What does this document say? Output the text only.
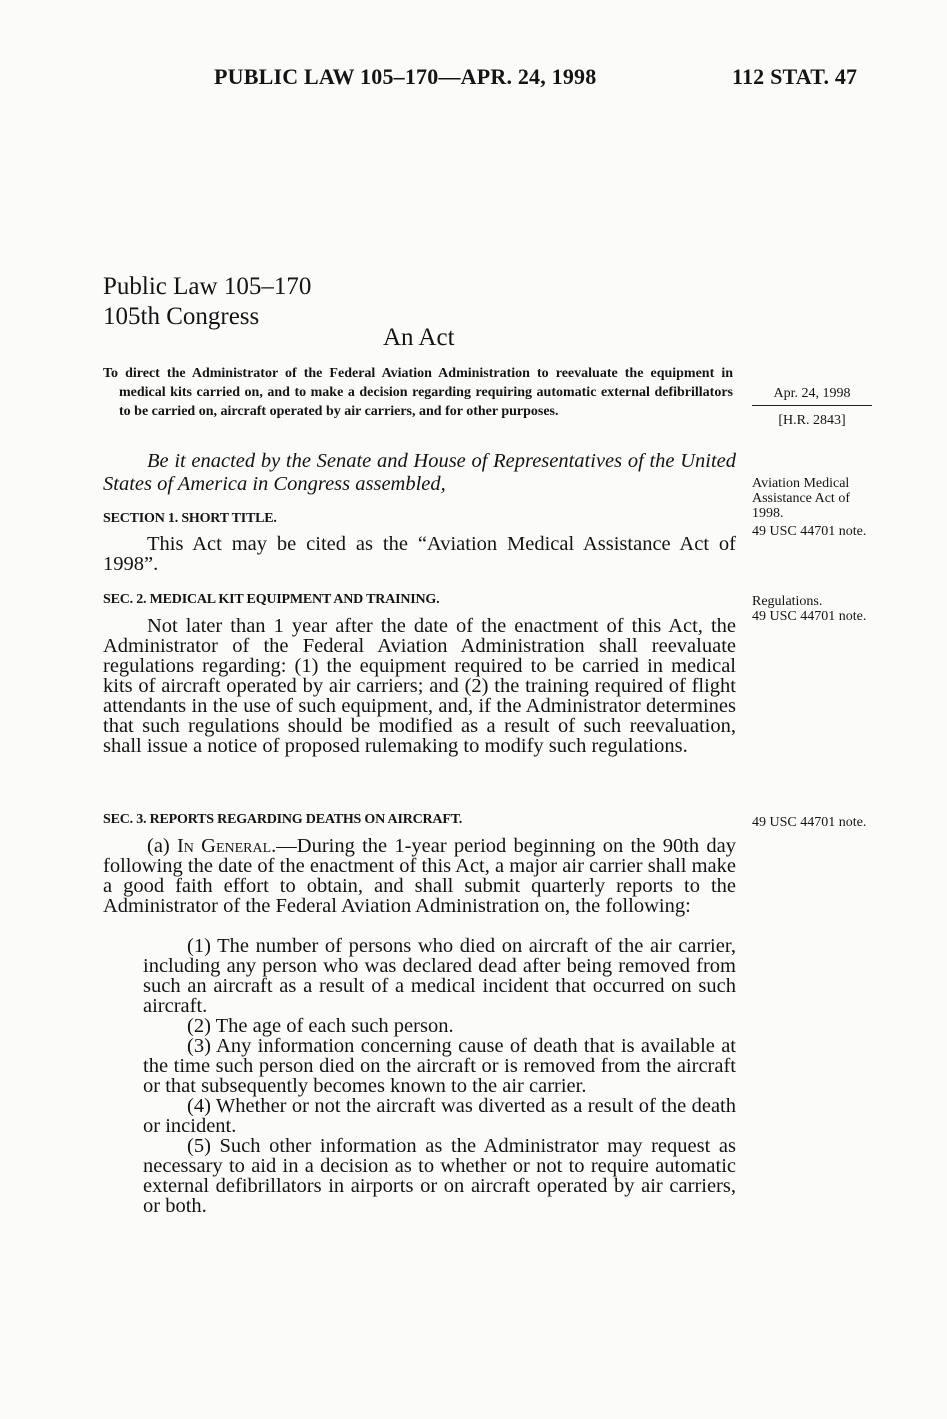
PUBLIC LAW 105–170—APR. 24, 1998	112 STAT. 47
Public Law 105–170
105th Congress
An Act

To direct the Administrator of the Federal Aviation Administration to reevaluate the equipment in medical kits carried on, and to make a decision regarding requiring automatic external defibrillators to be carried on, aircraft operated by air carriers, and for other purposes.

Apr. 24, 1998
[H.R. 2843]
Be it enacted by the Senate and House of Representatives of the United States of America in Congress assembled,	Aviation Medical Assistance Act of 1998.
49 USC 44701 note.
SECTION 1. SHORT TITLE.

This Act may be cited as the “Aviation Medical Assistance Act of 1998”.

SEC. 2. MEDICAL KIT EQUIPMENT AND TRAINING.	Regulations.
49 USC 44701 note.

Not later than 1 year after the date of the enactment of this Act, the Administrator of the Federal Aviation Administration shall reevaluate regulations regarding: (1) the equipment required to be carried in medical kits of aircraft operated by air carriers; and (2) the training required of flight attendants in the use of such equipment, and, if the Administrator determines that such regulations should be modified as a result of such reevaluation, shall issue a notice of proposed rulemaking to modify such regulations.

SEC. 3. REPORTS REGARDING DEATHS ON AIRCRAFT.	49 USC 44701 note.

(a) In General.—During the 1-year period beginning on the 90th day following the date of the enactment of this Act, a major air carrier shall make a good faith effort to obtain, and shall submit quarterly reports to the Administrator of the Federal Aviation Administration on, the following:

(1) The number of persons who died on aircraft of the air carrier, including any person who was declared dead after being removed from such an aircraft as a result of a medical incident that occurred on such aircraft.

(2) The age of each such person.

(3) Any information concerning cause of death that is available at the time such person died on the aircraft or is removed from the aircraft or that subsequently becomes known to the air carrier.

(4) Whether or not the aircraft was diverted as a result of the death or incident.

(5) Such other information as the Administrator may request as necessary to aid in a decision as to whether or not to require automatic external defibrillators in airports or on aircraft operated by air carriers, or both.
